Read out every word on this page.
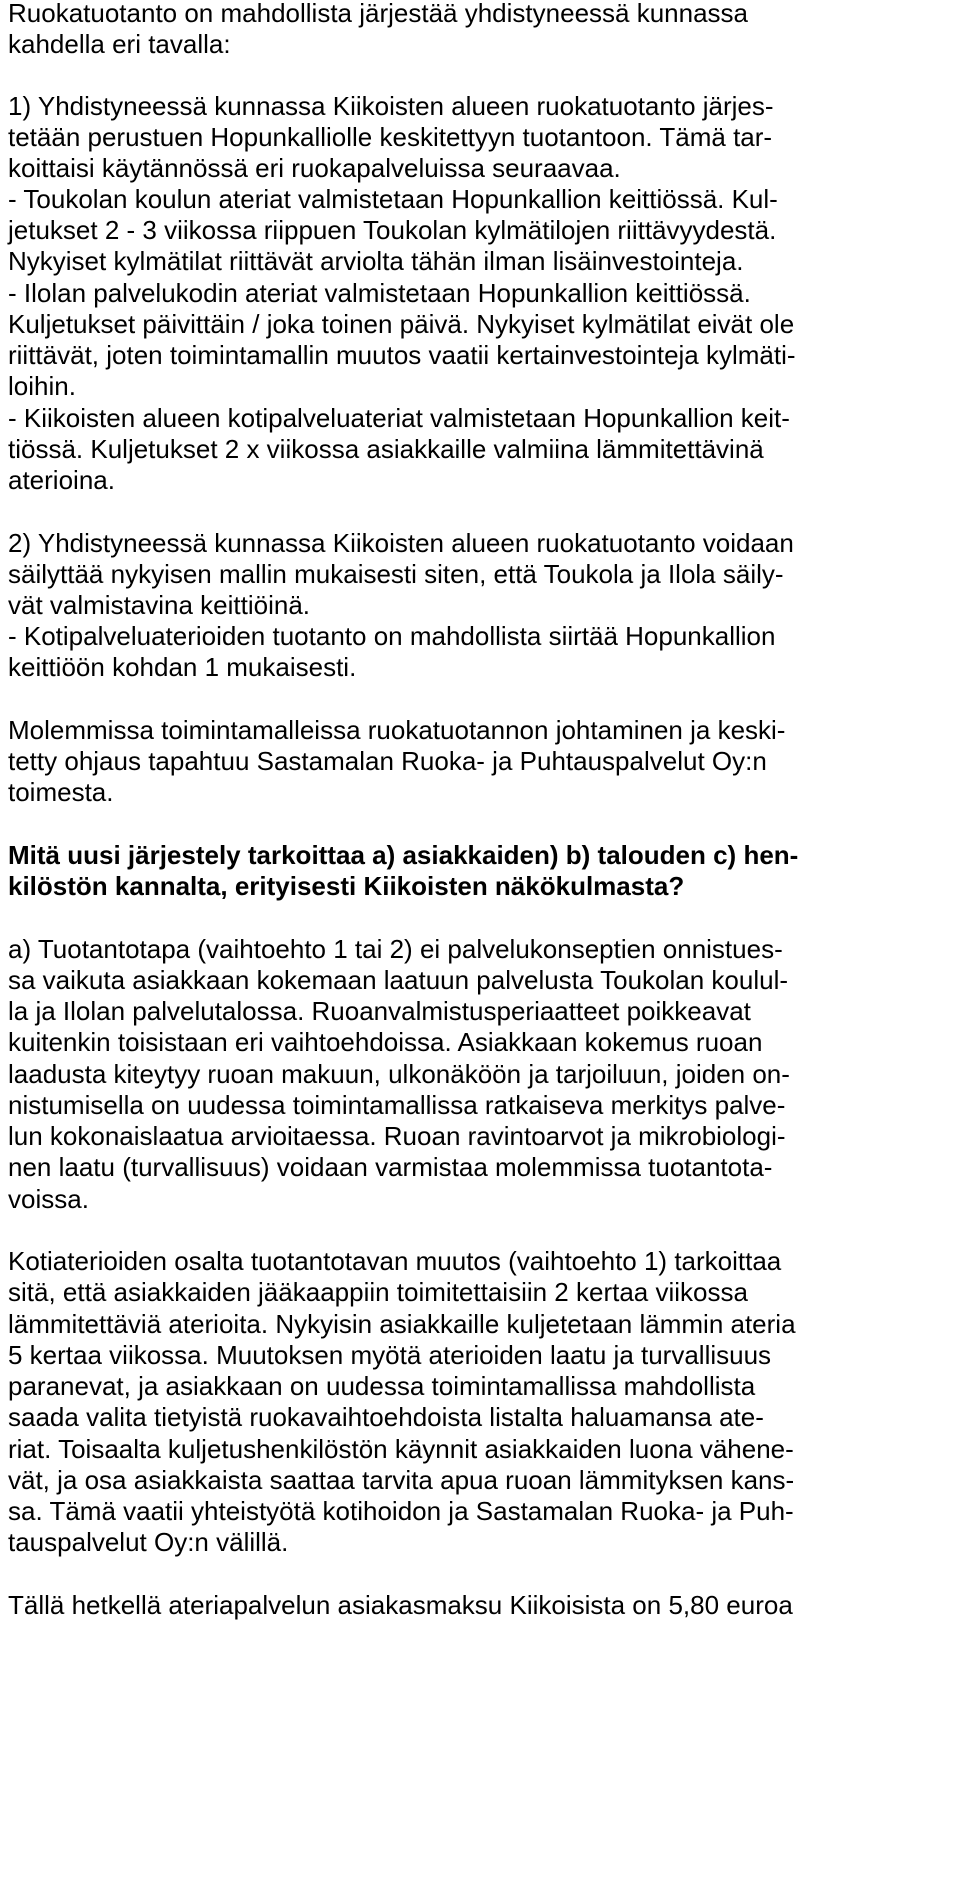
Ruokatuotanto on mahdollista järjestää yhdistyneessä kunnassa
kahdella eri tavalla:
1) Yhdistyneessä kunnassa Kiikoisten alueen ruokatuotanto järjes-
tetään perustuen Hopunkalliolle keskitettyyn tuotantoon. Tämä tar-
koittaisi käytännössä eri ruokapalveluissa seuraavaa.
- Toukolan koulun ateriat valmistetaan Hopunkallion keittiössä. Kul-
jetukset 2 - 3 viikossa riippuen Toukolan kylmätilojen riittävyydestä.
Nykyiset kylmätilat riittävät arviolta tähän ilman lisäinvestointeja.
- Ilolan palvelukodin ateriat valmistetaan Hopunkallion keittiössä.
Kuljetukset päivittäin / joka toinen päivä. Nykyiset kylmätilat eivät ole
riittävät, joten toimintamallin muutos vaatii kertainvestointeja kylmäti-
loihin.
- Kiikoisten alueen kotipalveluateriat valmistetaan Hopunkallion keit-
tiössä. Kuljetukset 2 x viikossa asiakkaille valmiina lämmitettävinä
aterioina.
2) Yhdistyneessä kunnassa Kiikoisten alueen ruokatuotanto voidaan
säilyttää nykyisen mallin mukaisesti siten, että Toukola ja Ilola säily-
vät valmistavina keittiöinä.
- Kotipalveluaterioiden tuotanto on mahdollista siirtää Hopunkallion
keittiöön kohdan 1 mukaisesti.
Molemmissa toimintamalleissa ruokatuotannon johtaminen ja keski-
tetty ohjaus tapahtuu Sastamalan Ruoka- ja Puhtauspalvelut Oy:n
toimesta.
Mitä uusi järjestely tarkoittaa a) asiakkaiden) b) talouden c) hen-
kilöstön kannalta, erityisesti Kiikoisten näkökulmasta?
a) Tuotantotapa (vaihtoehto 1 tai 2) ei palvelukonseptien onnistues-
sa vaikuta asiakkaan kokemaan laatuun palvelusta Toukolan koulul-
la ja Ilolan palvelutalossa. Ruoanvalmistusperiaatteet poikkeavat
kuitenkin toisistaan eri vaihtoehdoissa. Asiakkaan kokemus ruoan
laadusta kiteytyy ruoan makuun, ulkonäköön ja tarjoiluun, joiden on-
nistumisella on uudessa toimintamallissa ratkaiseva merkitys palve-
lun kokonaislaatua arvioitaessa. Ruoan ravintoarvot ja mikrobiologi-
nen laatu (turvallisuus) voidaan varmistaa molemmissa tuotantota-
voissa.
Kotiaterioiden osalta tuotantotavan muutos (vaihtoehto 1) tarkoittaa
sitä, että asiakkaiden jääkaappiin toimitettaisiin 2 kertaa viikossa
lämmitettäviä aterioita. Nykyisin asiakkaille kuljetetaan lämmin ateria
5 kertaa viikossa. Muutoksen myötä aterioiden laatu ja turvallisuus
paranevat, ja asiakkaan on uudessa toimintamallissa mahdollista
saada valita tietyistä ruokavaihtoehdoista listalta haluamansa ate-
riat. Toisaalta kuljetushenkilöstön käynnit asiakkaiden luona vähene-
vät, ja osa asiakkaista saattaa tarvita apua ruoan lämmityksen kans-
sa. Tämä vaatii yhteistyötä kotihoidon ja Sastamalan Ruoka- ja Puh-
tauspalvelut Oy:n välillä.
Tällä hetkellä ateriapalvelun asiakasmaksu Kiikoisista on 5,80 euroa
